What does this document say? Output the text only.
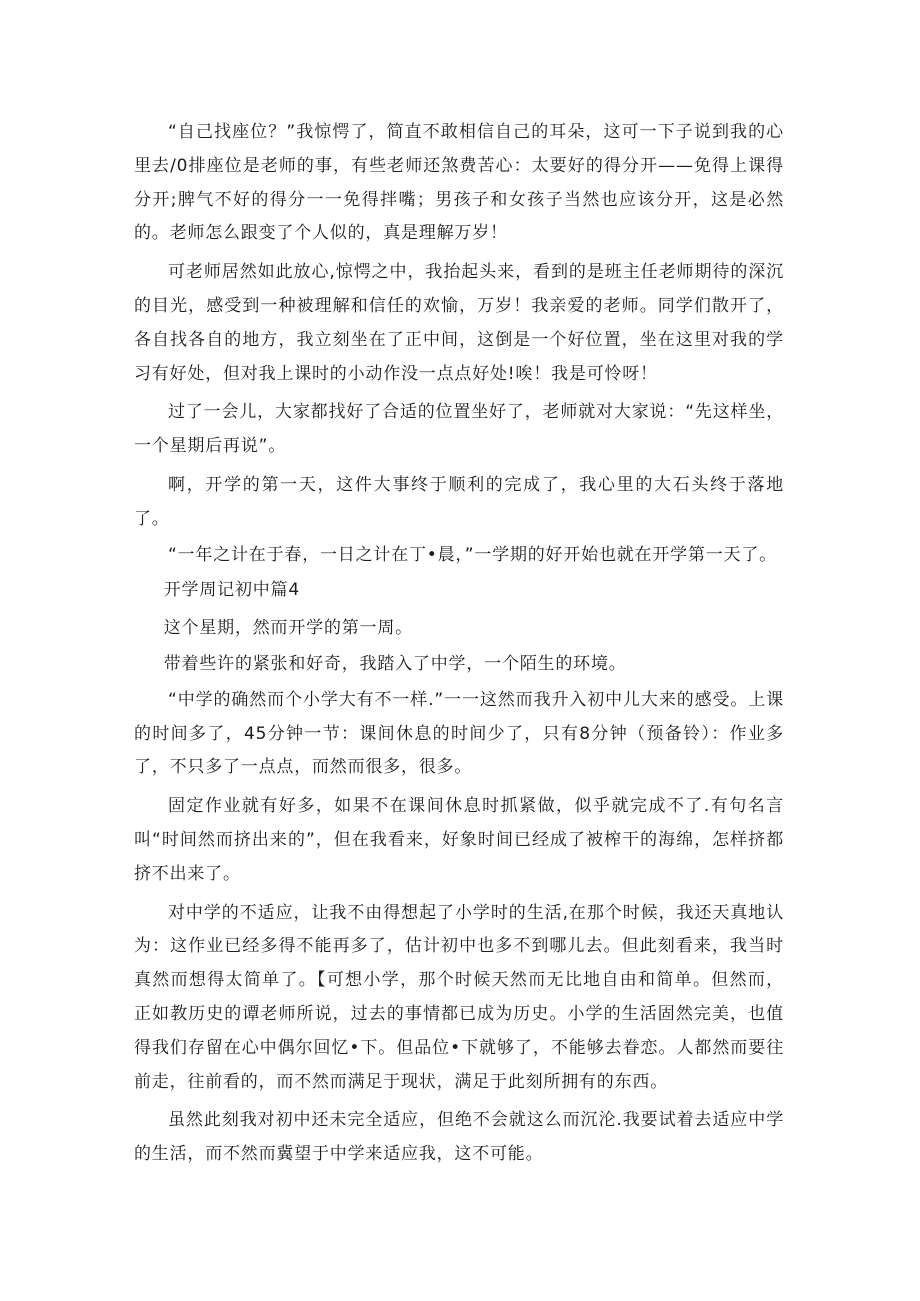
“自己找座位？”我惊愕了，简直不敢相信自己的耳朵，这可一下子说到我的心里去/0排座位是老师的事，有些老师还煞费苦心：太要好的得分开——免得上课得分开;脾气不好的得分一一免得拌嘴；男孩子和女孩子当然也应该分开，这是必然的。老师怎么跟变了个人似的，真是理解万岁！

可老师居然如此放心,惊愕之中，我抬起头来，看到的是班主任老师期待的深沉的目光，感受到一种被理解和信任的欢愉，万岁！我亲爱的老师。同学们散开了，各自找各自的地方，我立刻坐在了正中间，这倒是一个好位置，坐在这里对我的学习有好处，但对我上课时的小动作没一点点好处!唉！我是可怜呀！

过了一会儿，大家都找好了合适的位置坐好了，老师就对大家说：“先这样坐，一个星期后再说”。

啊，开学的第一天，这件大事终于顺利的完成了，我心里的大石头终于落地了。

“一年之计在于春，一日之计在丁•晨，”一学期的好开始也就在开学第一天了。

开学周记初中篇4

这个星期，然而开学的第一周。

带着些许的紧张和好奇，我踏入了中学，一个陌生的环境。

“中学的确然而个小学大有不一样.”一一这然而我升入初中儿大来的感受。上课的时间多了，45分钟一节：课间休息的时间少了，只有8分钟（预备铃）：作业多了，不只多了一点点，而然而很多，很多。

固定作业就有好多，如果不在课间休息时抓紧做，似乎就完成不了.有句名言叫“时间然而挤出来的”，但在我看来，好象时间已经成了被榨干的海绵，怎样挤都挤不出来了。

对中学的不适应，让我不由得想起了小学时的生活,在那个时候，我还天真地认为：这作业已经多得不能再多了，估计初中也多不到哪儿去。但此刻看来，我当时真然而想得太简单了。【可想小学，那个时候天然而无比地自由和简单。但然而，正如教历史的谭老师所说，过去的事情都已成为历史。小学的生活固然完美，也值得我们存留在心中偶尔回忆•下。但品位•下就够了，不能够去眷恋。人都然而要往前走，往前看的，而不然而满足于现状，满足于此刻所拥有的东西。

虽然此刻我对初中还未完全适应，但绝不会就这么而沉沦.我要试着去适应中学的生活，而不然而冀望于中学来适应我，这不可能。
